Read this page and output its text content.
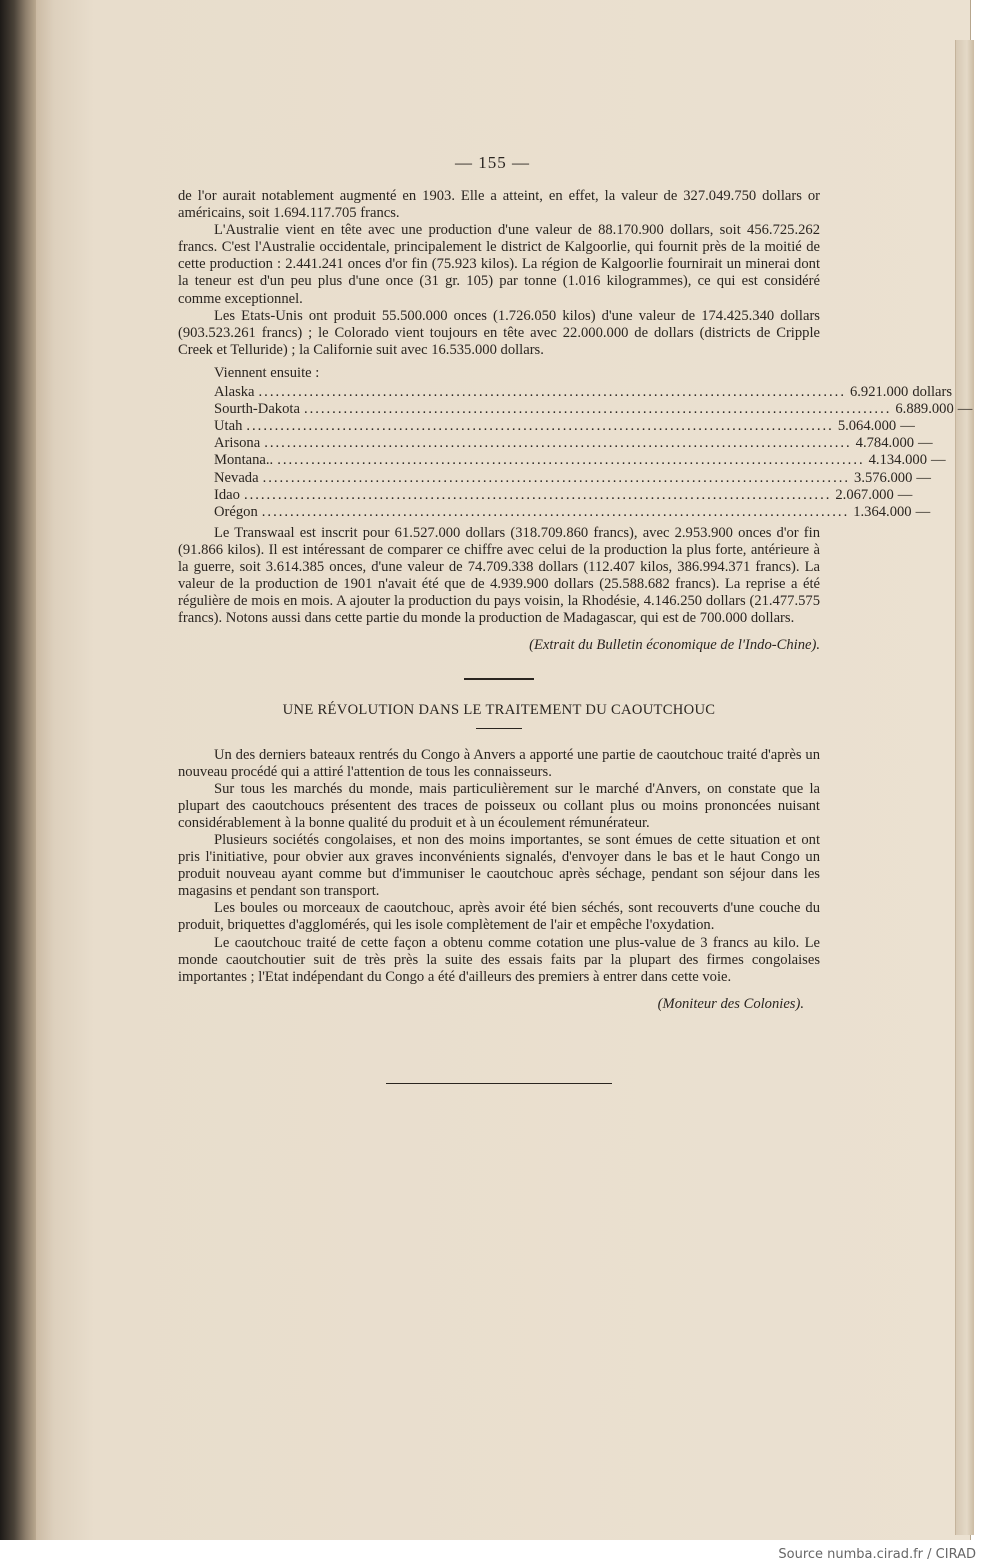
— 155 —

de l'or aurait notablement augmenté en 1903. Elle a atteint, en effet, la valeur de 327.049.750 dollars or américains, soit 1.694.117.705 francs.

L'Australie vient en tête avec une production d'une valeur de 88.170.900 dollars, soit 456.725.262 francs. C'est l'Australie occidentale, principalement le district de Kalgoorlie, qui fournit près de la moitié de cette production : 2.441.241 onces d'or fin (75.923 kilos). La région de Kalgoorlie fournirait un minerai dont la teneur est d'un peu plus d'une once (31 gr. 105) par tonne (1.016 kilogrammes), ce qui est considéré comme exceptionnel.

Les Etats-Unis ont produit 55.500.000 onces (1.726.050 kilos) d'une valeur de 174.425.340 dollars (903.523.261 francs) ; le Colorado vient toujours en tête avec 22.000.000 de dollars (districts de Cripple Creek et Telluride) ; la Californie suit avec 16.535.000 dollars.

Viennent ensuite :

Alaska ........................................................................................................ 6.921.000 dollars
Sourth-Dakota ........................................................................................................ 6.889.000 —
Utah ........................................................................................................ 5.064.000 —
Arisona ........................................................................................................ 4.784.000 —
Montana.. ........................................................................................................ 4.134.000 —
Nevada ........................................................................................................ 3.576.000 —
Idao ........................................................................................................ 2.067.000 —
Orégon ........................................................................................................ 1.364.000 —

Le Transwaal est inscrit pour 61.527.000 dollars (318.709.860 francs), avec 2.953.900 onces d'or fin (91.866 kilos). Il est intéressant de comparer ce chiffre avec celui de la production la plus forte, antérieure à la guerre, soit 3.614.385 onces, d'une valeur de 74.709.338 dollars (112.407 kilos, 386.994.371 francs). La valeur de la production de 1901 n'avait été que de 4.939.900 dollars (25.588.682 francs). La reprise a été régulière de mois en mois. A ajouter la production du pays voisin, la Rhodésie, 4.146.250 dollars (21.477.575 francs). Notons aussi dans cette partie du monde la production de Madagascar, qui est de 700.000 dollars.

(Extrait du Bulletin économique de l'Indo-Chine).

UNE RÉVOLUTION DANS LE TRAITEMENT DU CAOUTCHOUC

Un des derniers bateaux rentrés du Congo à Anvers a apporté une partie de caoutchouc traité d'après un nouveau procédé qui a attiré l'attention de tous les connaisseurs.

Sur tous les marchés du monde, mais particulièrement sur le marché d'Anvers, on constate que la plupart des caoutchoucs présentent des traces de poisseux ou collant plus ou moins prononcées nuisant considérablement à la bonne qualité du produit et à un écoulement rémunérateur.

Plusieurs sociétés congolaises, et non des moins importantes, se sont émues de cette situation et ont pris l'initiative, pour obvier aux graves inconvénients signalés, d'envoyer dans le bas et le haut Congo un produit nouveau ayant comme but d'immuniser le caoutchouc après séchage, pendant son séjour dans les magasins et pendant son transport.

Les boules ou morceaux de caoutchouc, après avoir été bien séchés, sont recouverts d'une couche du produit, briquettes d'agglomérés, qui les isole complètement de l'air et empêche l'oxydation.

Le caoutchouc traité de cette façon a obtenu comme cotation une plus-value de 3 francs au kilo. Le monde caoutchoutier suit de très près la suite des essais faits par la plupart des firmes congolaises importantes ; l'Etat indépendant du Congo a été d'ailleurs des premiers à entrer dans cette voie.

(Moniteur des Colonies).

Source numba.cirad.fr / CIRAD
